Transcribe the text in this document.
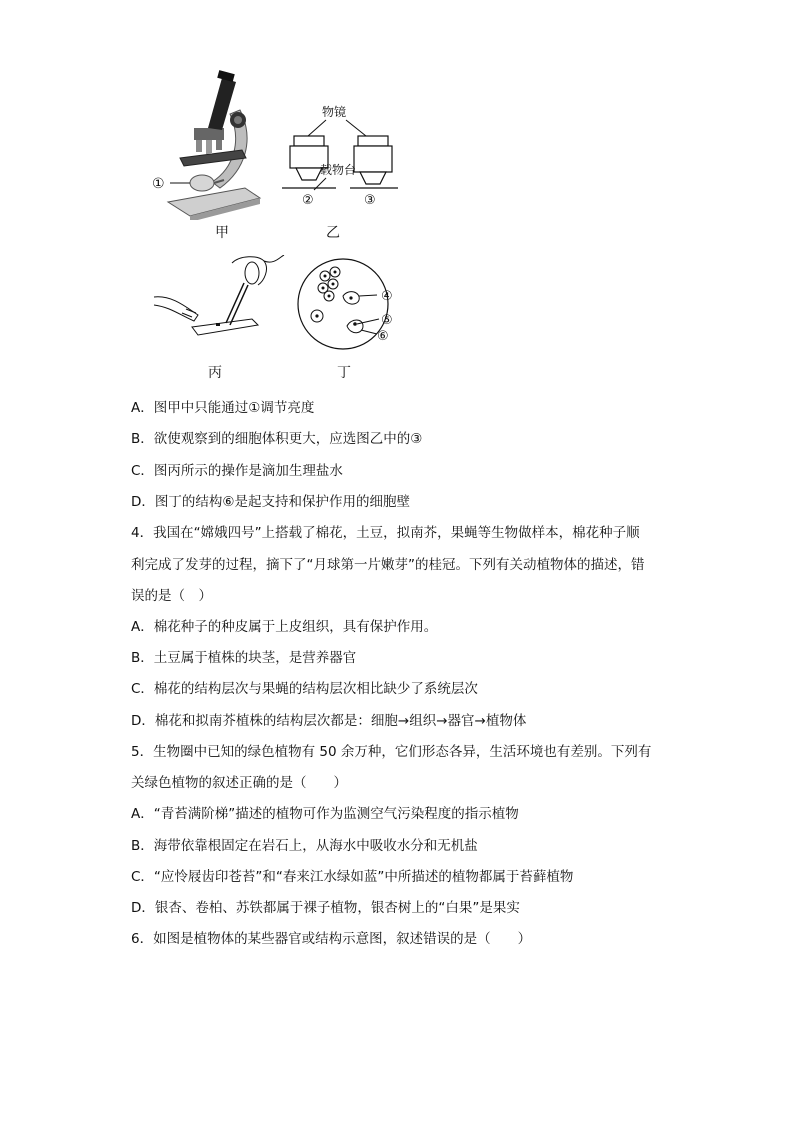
①
甲
物镜
载物台
②	③
乙
丙
④
⑤
⑥
丁
A．图甲中只能通过①调节亮度
B．欲使观察到的细胞体积更大，应选图乙中的③
C．图丙所示的操作是滴加生理盐水
D．图丁的结构⑥是起支持和保护作用的细胞壁
4．我国在“嫦娥四号”上搭载了棉花，土豆，拟南芥，果蝇等生物做样本，棉花种子顺
利完成了发芽的过程，摘下了“月球第一片嫩芽”的桂冠。下列有关动植物体的描述，错
误的是（　）
A．棉花种子的种皮属于上皮组织，具有保护作用。
B．土豆属于植株的块茎，是营养器官
C．棉花的结构层次与果蝇的结构层次相比缺少了系统层次
D．棉花和拟南芥植株的结构层次都是：细胞→组织→器官→植物体
5．生物圈中已知的绿色植物有 50 余万种，它们形态各异，生活环境也有差别。下列有
关绿色植物的叙述正确的是（　　）
A．“青苔满阶梯”描述的植物可作为监测空气污染程度的指示植物
B．海带依靠根固定在岩石上，从海水中吸收水分和无机盐
C．“应怜屐齿印苍苔”和“春来江水绿如蓝”中所描述的植物都属于苔藓植物
D．银杏、卷柏、苏铁都属于裸子植物，银杏树上的“白果”是果实
6．如图是植物体的某些器官或结构示意图，叙述错误的是（　　）
